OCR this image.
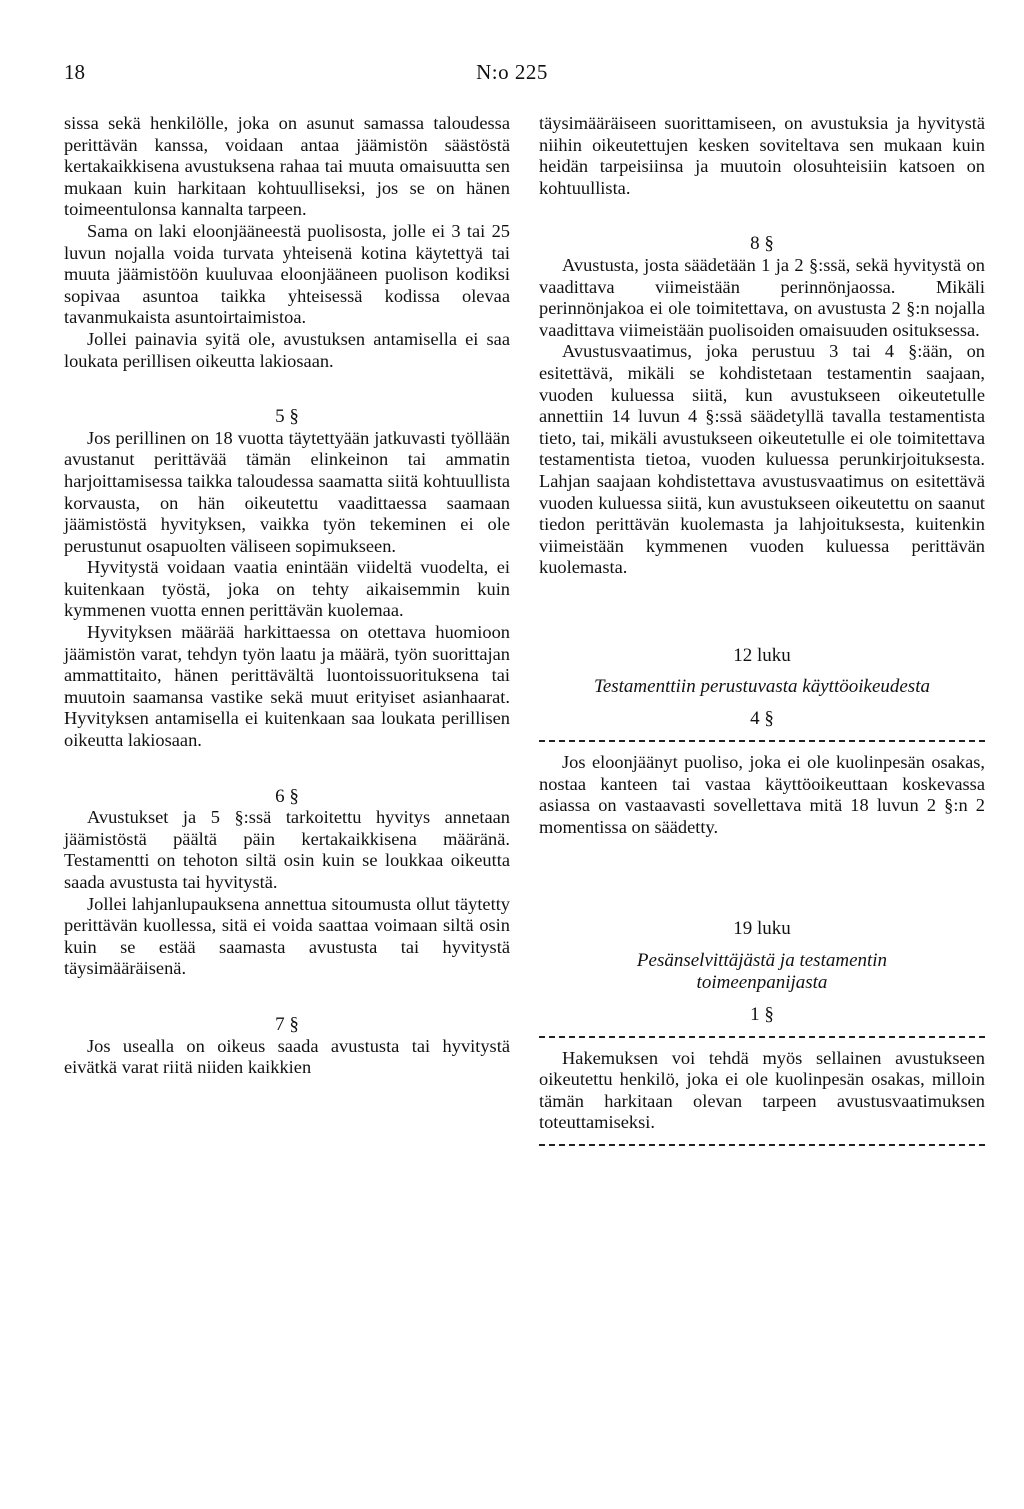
18	N:o 225

sissa sekä henkilölle, joka on asunut samassa taloudessa perittävän kanssa, voidaan antaa jäämistön säästöstä kertakaikkisena avustuksena rahaa tai muuta omaisuutta sen mukaan kuin harkitaan kohtuulliseksi, jos se on hänen toimeentulonsa kannalta tarpeen.

Sama on laki eloonjääneestä puolisosta, jolle ei 3 tai 25 luvun nojalla voida turvata yhteisenä kotina käytettyä tai muuta jäämistöön kuuluvaa eloonjääneen puolison kodiksi sopivaa asuntoa taikka yhteisessä kodissa olevaa tavanmukaista asuntoirtaimistoa.

Jollei painavia syitä ole, avustuksen antamisella ei saa loukata perillisen oikeutta lakiosaan.

5 §

Jos perillinen on 18 vuotta täytettyään jatkuvasti työllään avustanut perittävää tämän elinkeinon tai ammatin harjoittamisessa taikka taloudessa saamatta siitä kohtuullista korvausta, on hän oikeutettu vaadittaessa saamaan jäämistöstä hyvityksen, vaikka työn tekeminen ei ole perustunut osapuolten väliseen sopimukseen.

Hyvitystä voidaan vaatia enintään viideltä vuodelta, ei kuitenkaan työstä, joka on tehty aikaisemmin kuin kymmenen vuotta ennen perittävän kuolemaa.

Hyvityksen määrää harkittaessa on otettava huomioon jäämistön varat, tehdyn työn laatu ja määrä, työn suorittajan ammattitaito, hänen perittävältä luontoissuorituksena tai muutoin saamansa vastike sekä muut erityiset asianhaarat. Hyvityksen antamisella ei kuitenkaan saa loukata perillisen oikeutta lakiosaan.

6 §

Avustukset ja 5 §:ssä tarkoitettu hyvitys annetaan jäämistöstä päältä päin kertakaikkisena määränä. Testamentti on tehoton siltä osin kuin se loukkaa oikeutta saada avustusta tai hyvitystä.

Jollei lahjanlupauksena annettua sitoumusta ollut täytetty perittävän kuollessa, sitä ei voida saattaa voimaan siltä osin kuin se estää saamasta avustusta tai hyvitystä täysimääräisenä.

7 §

Jos usealla on oikeus saada avustusta tai hyvitystä eivätkä varat riitä niiden kaikkien

täysimääräiseen suorittamiseen, on avustuksia ja hyvitystä niihin oikeutettujen kesken soviteltava sen mukaan kuin heidän tarpeisiinsa ja muutoin olosuhteisiin katsoen on kohtuullista.

8 §

Avustusta, josta säädetään 1 ja 2 §:ssä, sekä hyvitystä on vaadittava viimeistään perinnönjaossa. Mikäli perinnönjakoa ei ole toimitettava, on avustusta 2 §:n nojalla vaadittava viimeistään puolisoiden omaisuuden osituksessa.

Avustusvaatimus, joka perustuu 3 tai 4 §:ään, on esitettävä, mikäli se kohdistetaan testamentin saajaan, vuoden kuluessa siitä, kun avustukseen oikeutetulle annettiin 14 luvun 4 §:ssä säädetyllä tavalla testamentista tieto, tai, mikäli avustukseen oikeutetulle ei ole toimitettava testamentista tietoa, vuoden kuluessa perunkirjoituksesta. Lahjan saajaan kohdistettava avustusvaatimus on esitettävä vuoden kuluessa siitä, kun avustukseen oikeutettu on saanut tiedon perittävän kuolemasta ja lahjoituksesta, kuitenkin viimeistään kymmenen vuoden kuluessa perittävän kuolemasta.

12 luku

Testamenttiin perustuvasta käyttöoikeudesta

4 §

Jos eloonjäänyt puoliso, joka ei ole kuolinpesän osakas, nostaa kanteen tai vastaa käyttöoikeuttaan koskevassa asiassa on vastaavasti sovellettava mitä 18 luvun 2 §:n 2 momentissa on säädetty.

19 luku

Pesänselvittäjästä ja testamentin

toimeenpanijasta

1 §

Hakemuksen voi tehdä myös sellainen avustukseen oikeutettu henkilö, joka ei ole kuolinpesän osakas, milloin tämän harkitaan olevan tarpeen avustusvaatimuksen toteuttamiseksi.
